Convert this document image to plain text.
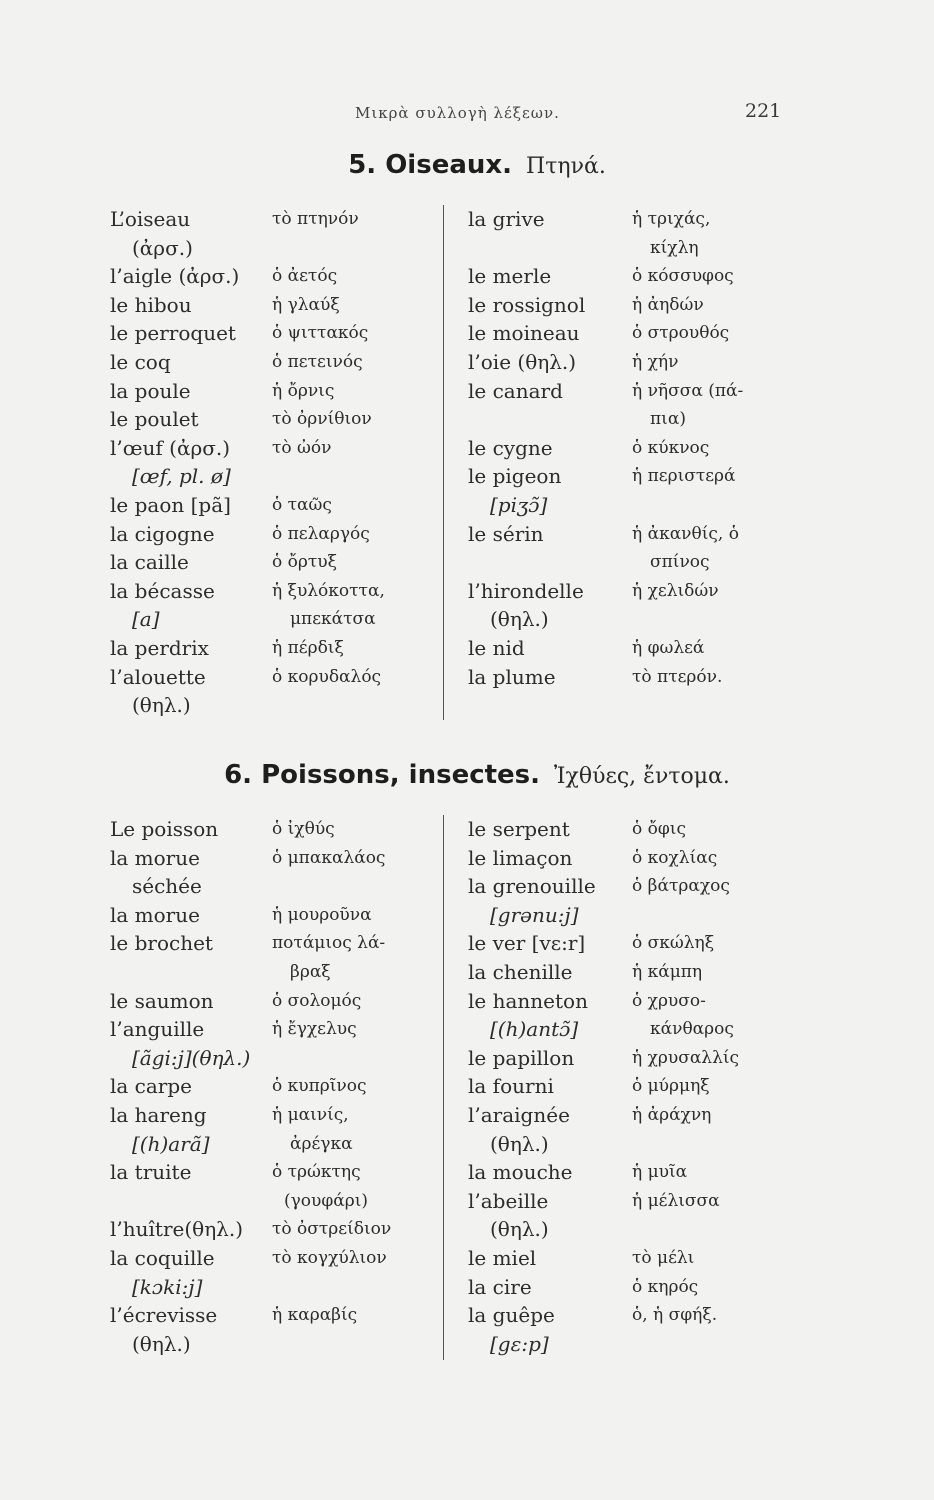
Μικρὰ συλλογὴ λέξεων.	221
5. Oiseaux. Πτηνά.
L’oiseau	τὸ πτηνόν
(ἀρσ.)
l’aigle (ἀρσ.) ὁ ἀετός
le hibou	ἡ γλαύξ
le perroquet ὁ ψιττακός
le coq	ὁ πετεινός
la poule	ἡ ὄρνις
le poulet	τὸ ὀρνίθιον
l’œuf (ἀρσ.) τὸ ὠόν
[œf, pl. ø]
le paon [pã] ὁ ταῶς
la cigogne	ὁ πελαργός
la caille	ὁ ὄρτυξ
la bécasse	ἡ ξυλόκοττα,
[a]	μπεκάτσα
la perdrix	ἡ πέρδιξ
l’alouette	ὁ κορυδαλός
(θηλ.)
la grive	ἡ τριχάς,
κίχλη
le merle	ὁ κόσσυφος
le rossignol	ἡ ἀηδών
le moineau	ὁ στρουθός
l’oie (θηλ.)	ἡ χήν
le canard	ἡ νῆσσα (πά-
πια)
le cygne	ὁ κύκνος
le pigeon	ἡ περιστερά
[piʒɔ̃]
le sérin	ἡ ἀκανθίς, ὁ
σπίνος
l’hirondelle	ἡ χελιδών
(θηλ.)
le nid	ἡ φωλεά
la plume	τὸ πτερόν.
6. Poissons, insectes. Ἰχθύες, ἔντομα.
Le poisson	ὁ ἰχθύς
la morue	ὁ μπακαλάος
séchée
la morue	ἡ μουροῦνα
le brochet	ποτάμιος λά-
βραξ
le saumon	ὁ σολομός
l’anguille	ἡ ἔγχελυς
[ãgi:j](θηλ.)
la carpe	ὁ κυπρῖνος
la hareng	ἡ μαινίς,
[(h)arã]	ἀρέγκα
la truite	ὁ τρώκτης
(γουφάρι)
l’huître(θηλ.) τὸ ὀστρείδιον
la coquille	τὸ κογχύλιον
[kɔki:j]
l’écrevisse	ἡ καραβίς
(θηλ.)
le serpent	ὁ ὄφις
le limaçon	ὁ κοχλίας
la grenouille ὁ βάτραχος
[grənu:j]
le ver [vɛ:r]	ὁ σκώληξ
la chenille	ἡ κάμπη
le hanneton	ὁ χρυσο-
[(h)antɔ̃]	κάνθαρος
le papillon	ἡ χρυσαλλίς
la fourni	ὁ μύρμηξ
l’araignée	ἡ ἀράχνη
(θηλ.)
la mouche	ἡ μυῖα
l’abeille	ἡ μέλισσα
(θηλ.)
le miel	τὸ μέλι
la cire	ὁ κηρός
la guêpe	ὁ, ἡ σφήξ.
[gɛ:p]
